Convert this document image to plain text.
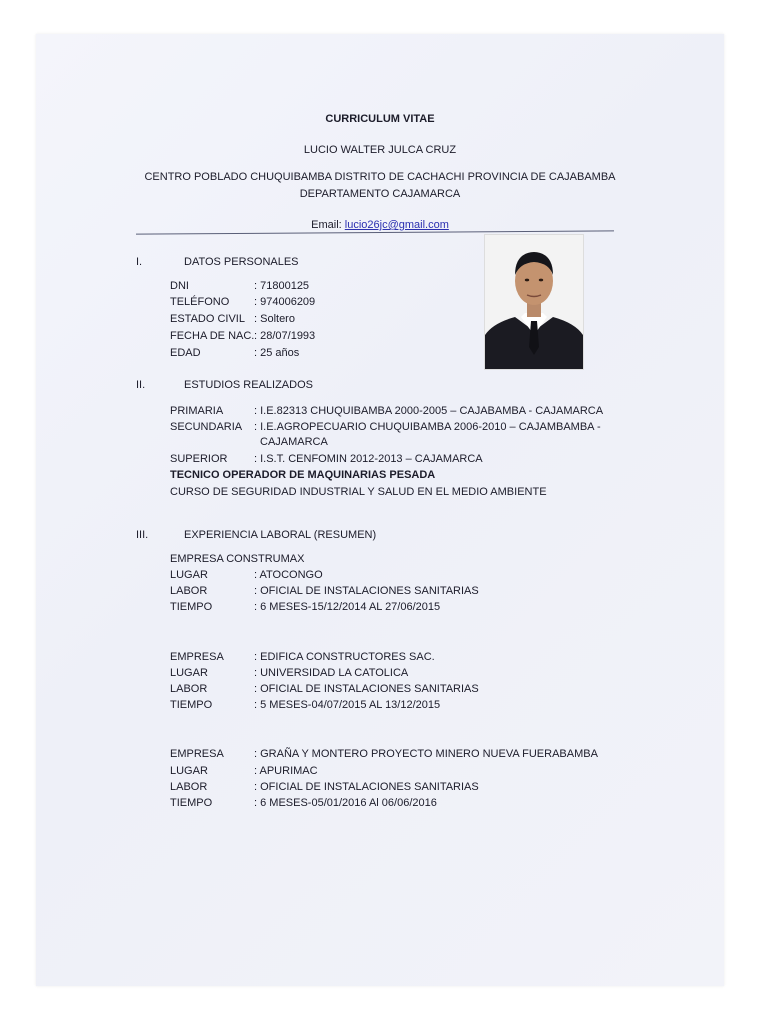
CURRICULUM VITAE
LUCIO WALTER JULCA CRUZ
CENTRO POBLADO CHUQUIBAMBA DISTRITO DE CACHACHI PROVINCIA DE CAJABAMBA
DEPARTAMENTO CAJAMARCA
Email: lucio26jc@gmail.com
I.	DATOS PERSONALES
DNI	: 71800125
TELÉFONO : 974006209
ESTADO CIVIL : Soltero
FECHA DE NAC. : 28/07/1993
EDAD	: 25 años
II.	ESTUDIOS REALIZADOS
PRIMARIA	: I.E.82313 CHUQUIBAMBA 2000-2005 – CAJABAMBA - CAJAMARCA
SECUNDARIA : I.E.AGROPECUARIO CHUQUIBAMBA 2006-2010 – CAJAMBAMBA -
CAJAMARCA
SUPERIOR : I.S.T. CENFOMIN 2012-2013 – CAJAMARCA
TECNICO OPERADOR DE MAQUINARIAS PESADA
CURSO DE SEGURIDAD INDUSTRIAL Y SALUD EN EL MEDIO AMBIENTE
III.	EXPERIENCIA LABORAL (RESUMEN)
EMPRESA CONSTRUMAX
LUGAR	: ATOCONGO
LABOR	: OFICIAL DE INSTALACIONES SANITARIAS
TIEMPO	: 6 MESES-15/12/2014 AL 27/06/2015
EMPRESA	: EDIFICA CONSTRUCTORES SAC.
LUGAR	: UNIVERSIDAD LA CATOLICA
LABOR	: OFICIAL DE INSTALACIONES SANITARIAS
TIEMPO	: 5 MESES-04/07/2015 AL 13/12/2015
EMPRESA	: GRAÑA Y MONTERO PROYECTO MINERO NUEVA FUERABAMBA
LUGAR	: APURIMAC
LABOR	: OFICIAL DE INSTALACIONES SANITARIAS
TIEMPO	: 6 MESES-05/01/2016 Al 06/06/2016
